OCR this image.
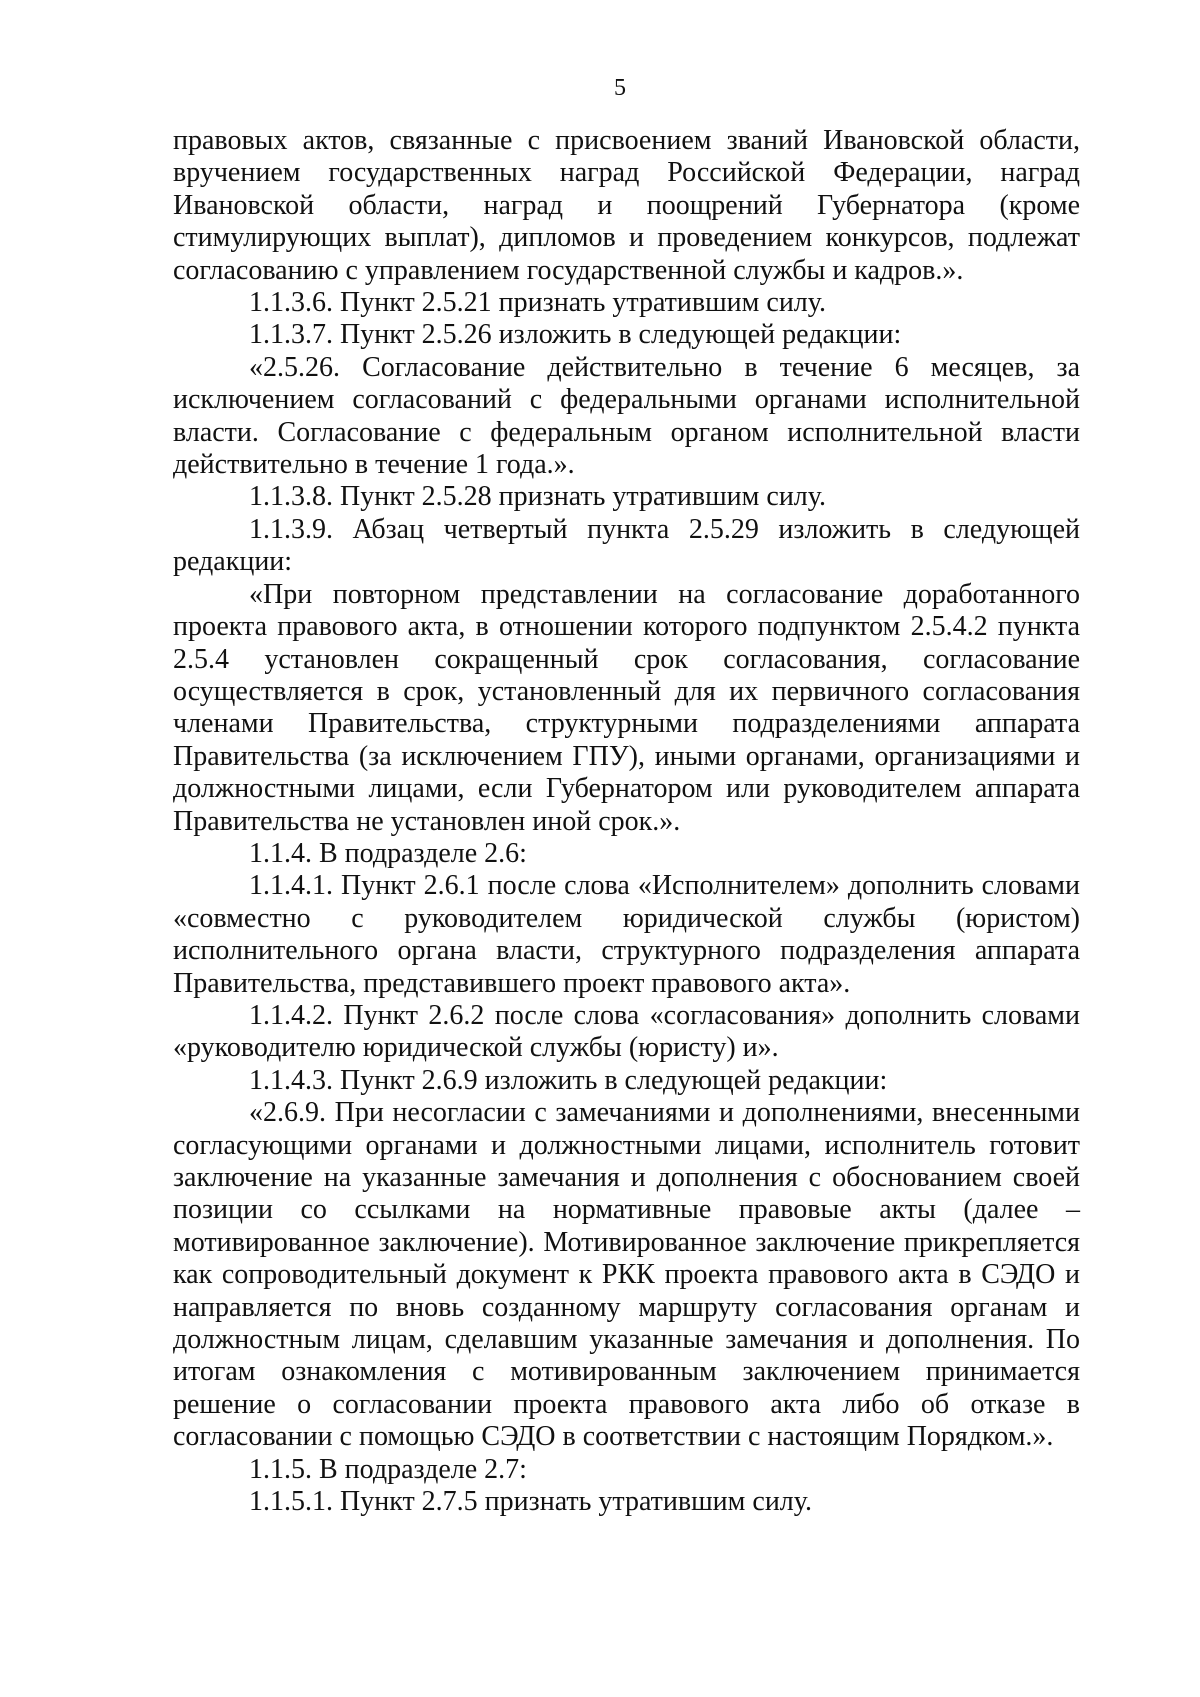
5

правовых актов, связанные с присвоением званий Ивановской области, вручением государственных наград Российской Федерации, наград Ивановской области, наград и поощрений Губернатора (кроме стимулирующих выплат), дипломов и проведением конкурсов, подлежат согласованию с управлением государственной службы и кадров.».

1.1.3.6. Пункт 2.5.21 признать утратившим силу.

1.1.3.7. Пункт 2.5.26 изложить в следующей редакции:

«2.5.26. Согласование действительно в течение 6 месяцев, за исключением согласований с федеральными органами исполнительной власти. Согласование с федеральным органом исполнительной власти действительно в течение 1 года.».

1.1.3.8. Пункт 2.5.28 признать утратившим силу.

1.1.3.9. Абзац четвертый пункта 2.5.29 изложить в следующей редакции:

«При повторном представлении на согласование доработанного проекта правового акта, в отношении которого подпунктом 2.5.4.2 пункта 2.5.4 установлен сокращенный срок согласования, согласование осуществляется в срок, установленный для их первичного согласования членами Правительства, структурными подразделениями аппарата Правительства (за исключением ГПУ), иными органами, организациями и должностными лицами, если Губернатором или руководителем аппарата Правительства не установлен иной срок.».

1.1.4. В подразделе 2.6:

1.1.4.1. Пункт 2.6.1 после слова «Исполнителем» дополнить словами «совместно с руководителем юридической службы (юристом) исполнительного органа власти, структурного подразделения аппарата Правительства, представившего проект правового акта».

1.1.4.2. Пункт 2.6.2 после слова «согласования» дополнить словами «руководителю юридической службы (юристу) и».

1.1.4.3. Пункт 2.6.9 изложить в следующей редакции:

«2.6.9. При несогласии с замечаниями и дополнениями, внесенными согласующими органами и должностными лицами, исполнитель готовит заключение на указанные замечания и дополнения с обоснованием своей позиции со ссылками на нормативные правовые акты (далее – мотивированное заключение). Мотивированное заключение прикрепляется как сопроводительный документ к РКК проекта правового акта в СЭДО и направляется по вновь созданному маршруту согласования органам и должностным лицам, сделавшим указанные замечания и дополнения. По итогам ознакомления с мотивированным заключением принимается решение о согласовании проекта правового акта либо об отказе в согласовании с помощью СЭДО в соответствии с настоящим Порядком.».

1.1.5. В подразделе 2.7:

1.1.5.1. Пункт 2.7.5 признать утратившим силу.
